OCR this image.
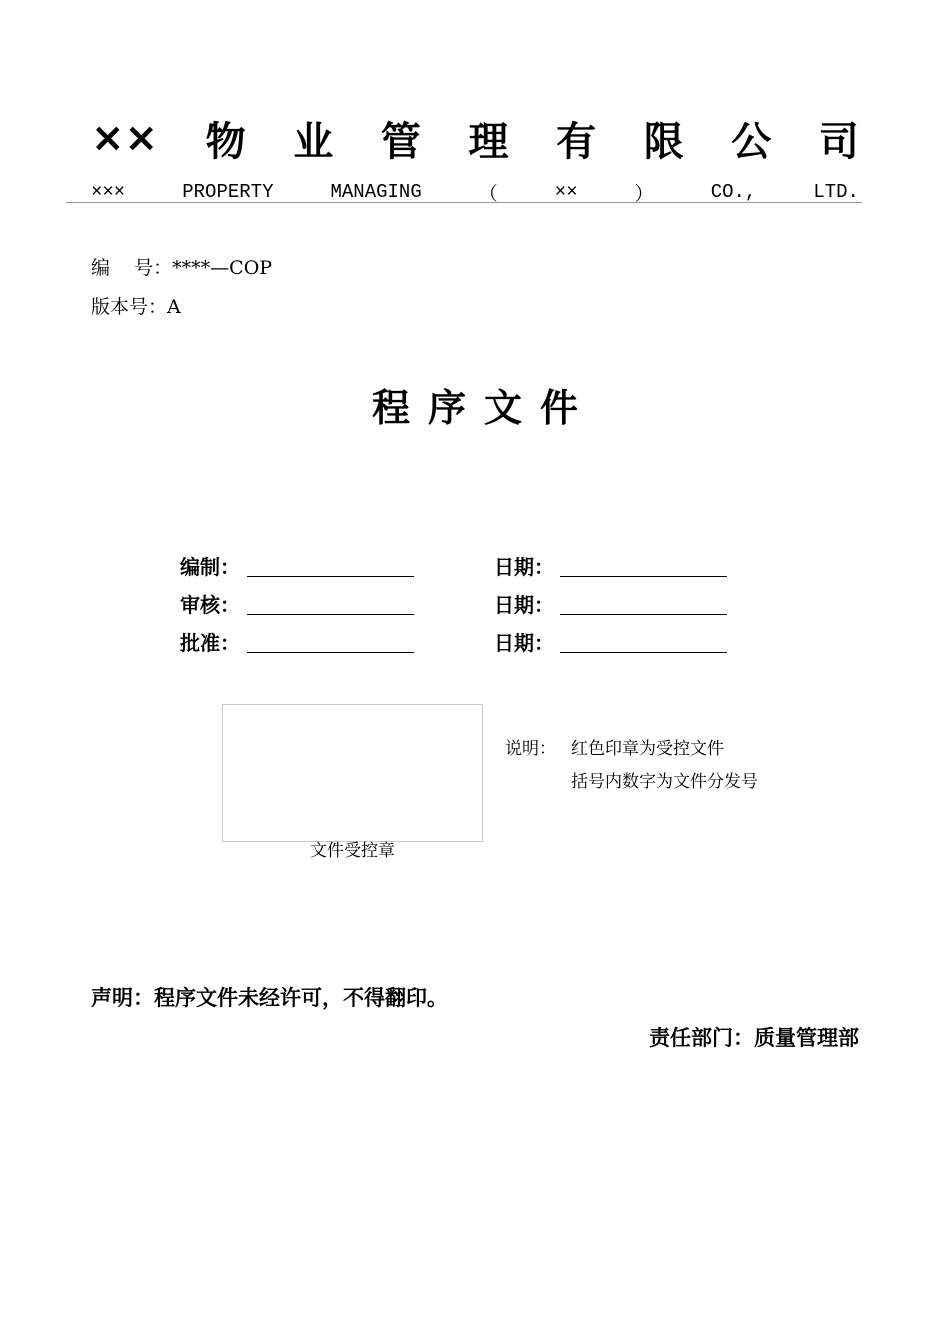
×× 物 业 管 理 有 限 公 司
×××	PROPERTY	MANAGING	（	××	）	CO.,	LTD.
编    号：****—COP
版本号：A
程序文件
编制：	日期：
审核：	日期：
批准：	日期：
文件受控章
说明： 红色印章为受控文件
括号内数字为文件分发号
声明：程序文件未经许可，不得翻印。
责任部门：质量管理部
